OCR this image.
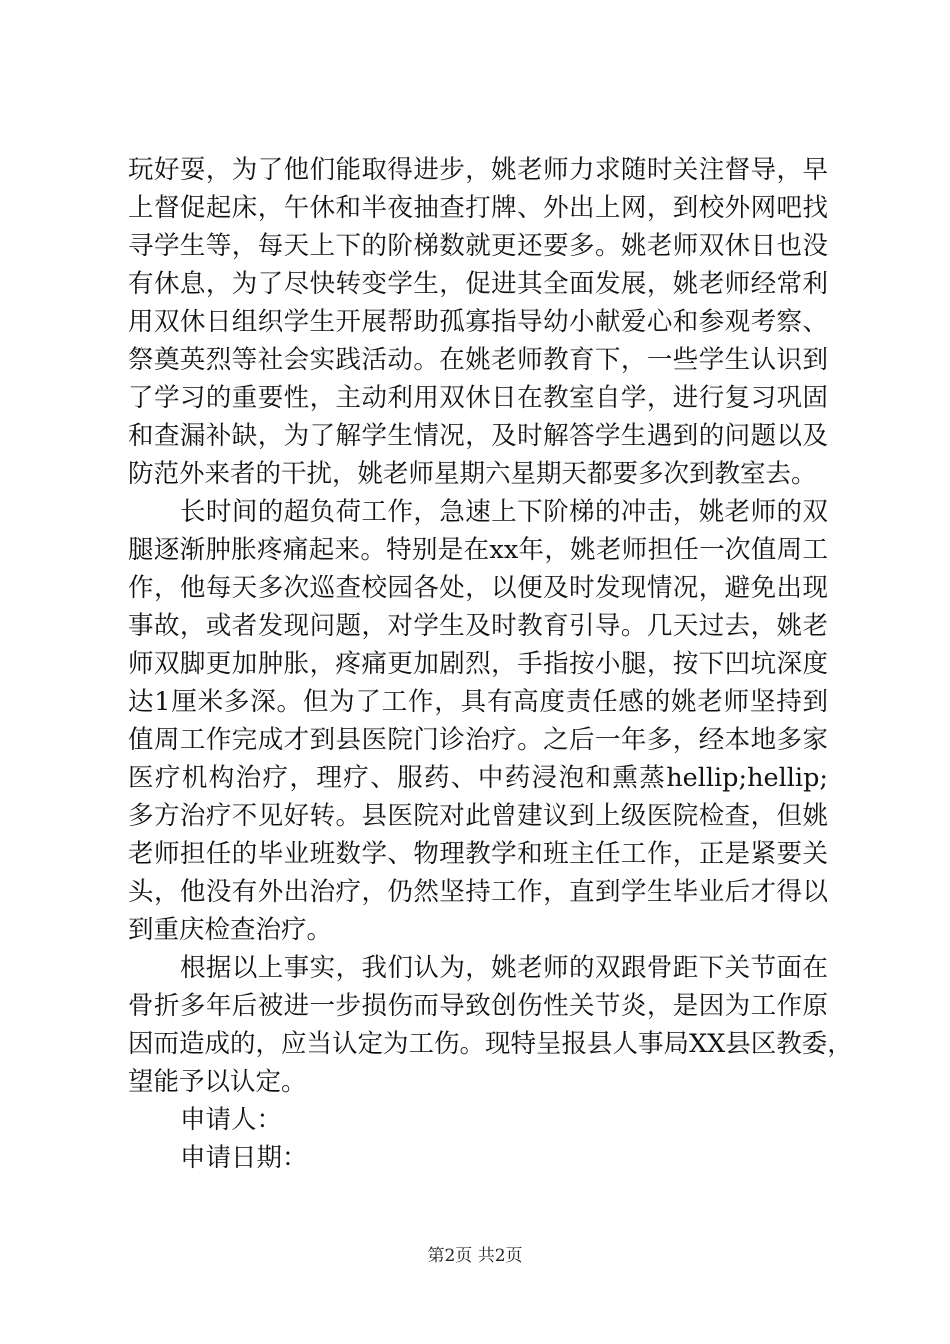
玩好耍，为了他们能取得进步，姚老师力求随时关注督导，早
上督促起床，午休和半夜抽查打牌、外出上网，到校外网吧找
寻学生等，每天上下的阶梯数就更还要多。姚老师双休日也没
有休息，为了尽快转变学生，促进其全面发展，姚老师经常利
用双休日组织学生开展帮助孤寡指导幼小献爱心和参观考察、
祭奠英烈等社会实践活动。在姚老师教育下，一些学生认识到
了学习的重要性，主动利用双休日在教室自学，进行复习巩固
和查漏补缺，为了解学生情况，及时解答学生遇到的问题以及
防范外来者的干扰，姚老师星期六星期天都要多次到教室去。
长时间的超负荷工作，急速上下阶梯的冲击，姚老师的双
腿逐渐肿胀疼痛起来。特别是在xx年，姚老师担任一次值周工
作，他每天多次巡查校园各处，以便及时发现情况，避免出现
事故，或者发现问题，对学生及时教育引导。几天过去，姚老
师双脚更加肿胀，疼痛更加剧烈，手指按小腿，按下凹坑深度
达1厘米多深。但为了工作，具有高度责任感的姚老师坚持到
值周工作完成才到县医院门诊治疗。之后一年多，经本地多家
医疗机构治疗，理疗、服药、中药浸泡和熏蒸hellip;hellip;
多方治疗不见好转。县医院对此曾建议到上级医院检查，但姚
老师担任的毕业班数学、物理教学和班主任工作，正是紧要关
头，他没有外出治疗，仍然坚持工作，直到学生毕业后才得以
到重庆检查治疗。
根据以上事实，我们认为，姚老师的双跟骨距下关节面在
骨折多年后被进一步损伤而导致创伤性关节炎，是因为工作原
因而造成的，应当认定为工伤。现特呈报县人事局XX县区教委，
望能予以认定。
申请人：
申请日期：
第2页 共2页
